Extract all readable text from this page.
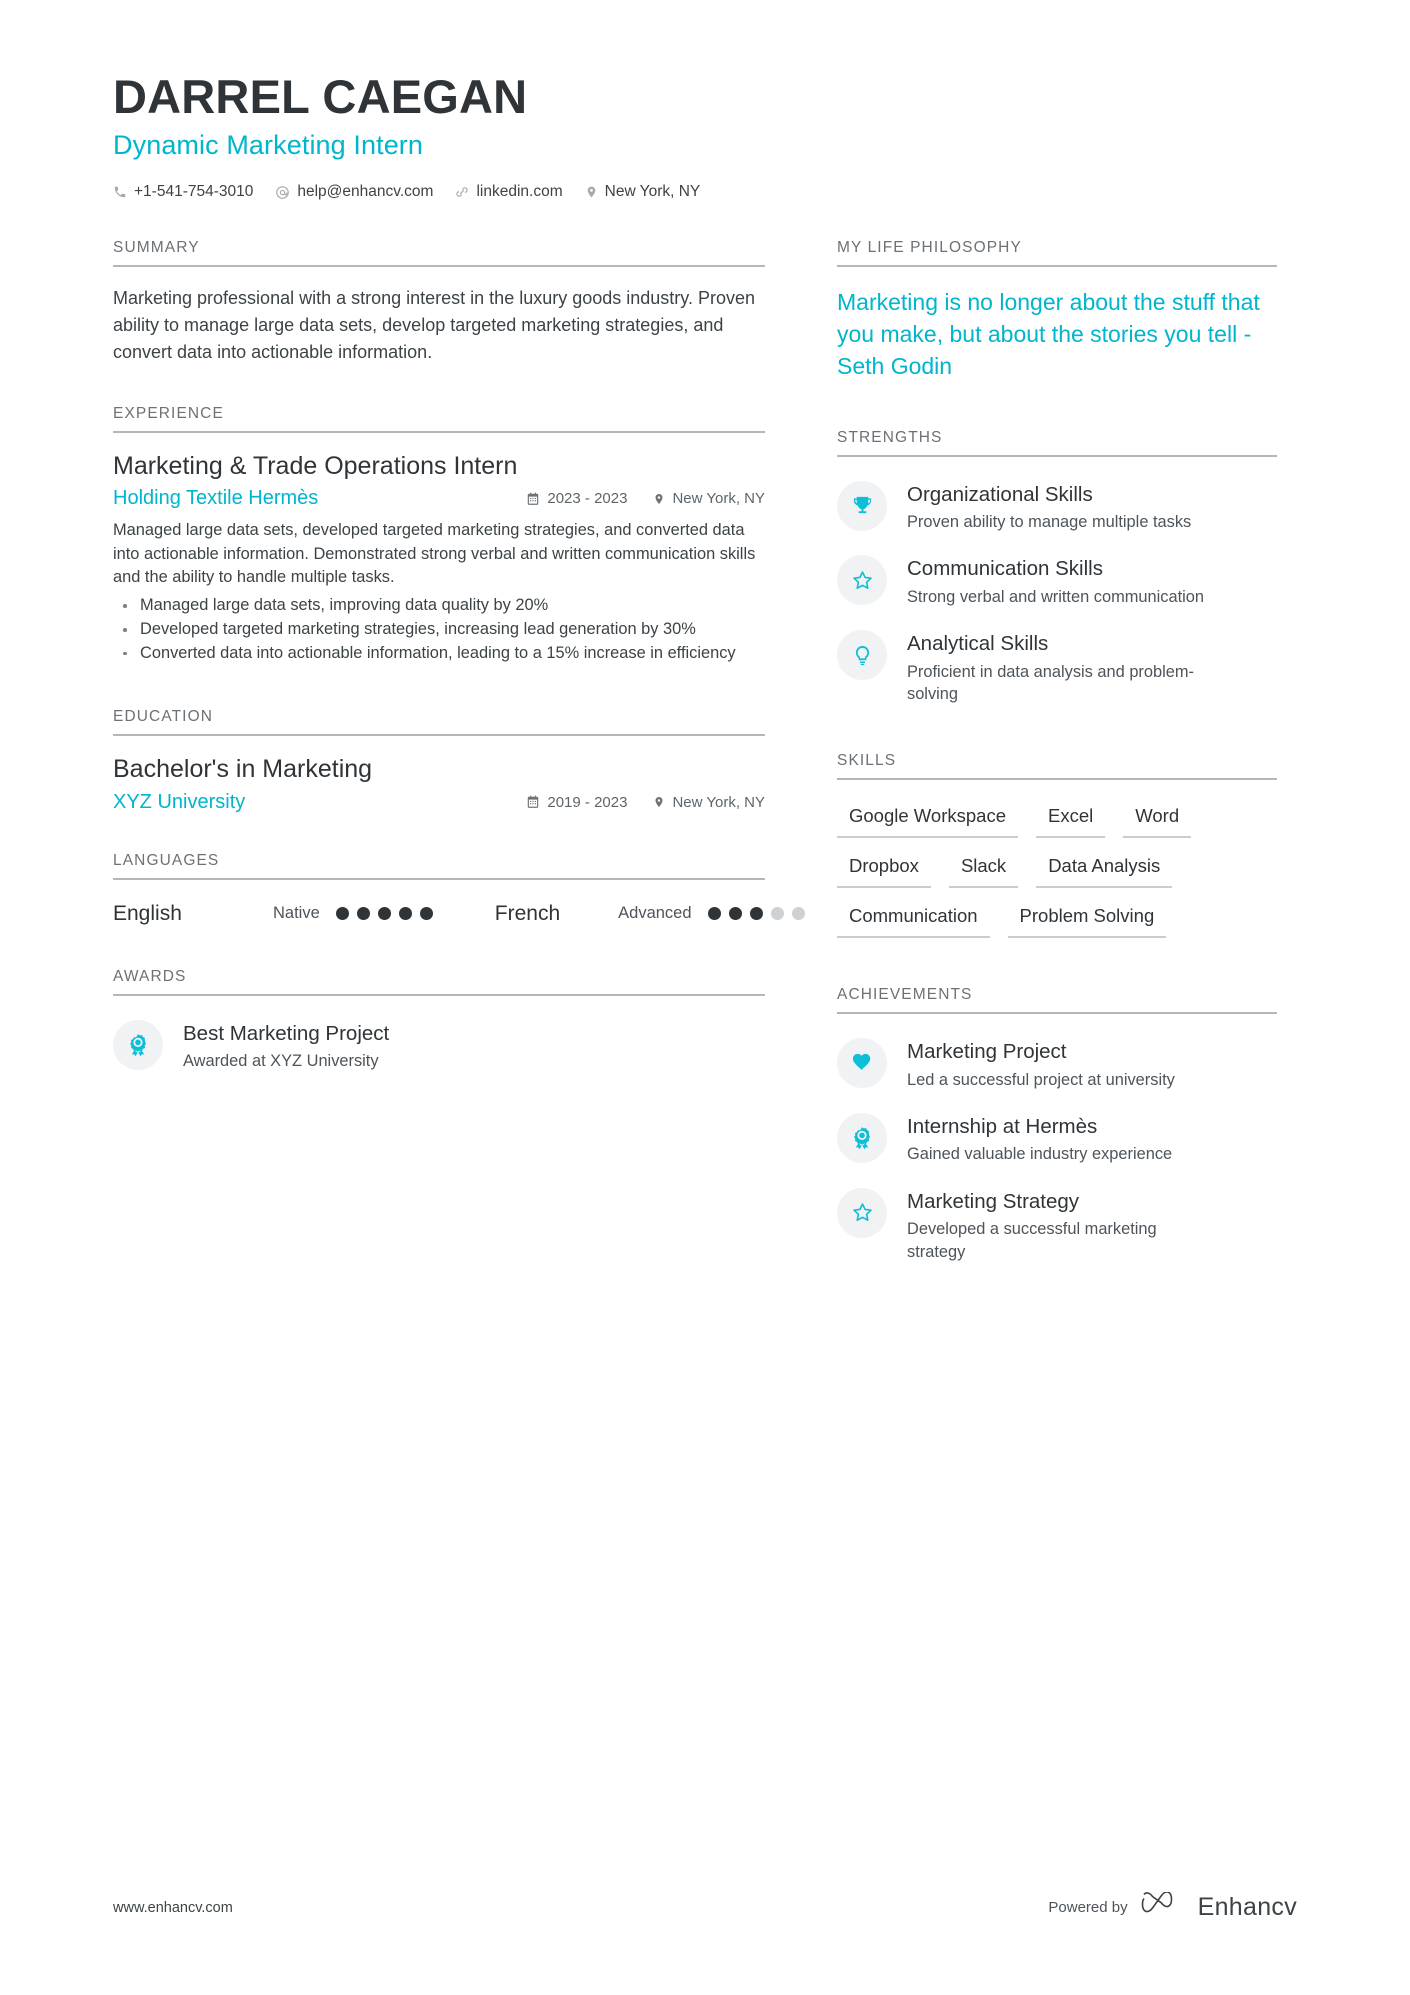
DARREL CAEGAN
Dynamic Marketing Intern
+1-541-754-3010	help@enhancv.com	linkedin.com	New York, NY
SUMMARY
Marketing professional with a strong interest in the luxury goods industry. Proven ability to manage large data sets, develop targeted marketing strategies, and convert data into actionable information.
EXPERIENCE
Marketing & Trade Operations Intern
Holding Textile Hermès	2023 - 2023	New York, NY
Managed large data sets, developed targeted marketing strategies, and converted data into actionable information. Demonstrated strong verbal and written communication skills and the ability to handle multiple tasks.
Managed large data sets, improving data quality by 20%
Developed targeted marketing strategies, increasing lead generation by 30%
Converted data into actionable information, leading to a 15% increase in efficiency
EDUCATION
Bachelor's in Marketing
XYZ University	2019 - 2023	New York, NY
LANGUAGES
English	Native	French	Advanced
AWARDS
Best Marketing Project
Awarded at XYZ University
MY LIFE PHILOSOPHY
Marketing is no longer about the stuff that you make, but about the stories you tell - Seth Godin
STRENGTHS
Organizational Skills
Proven ability to manage multiple tasks
Communication Skills
Strong verbal and written communication
Analytical Skills
Proficient in data analysis and problem-solving
SKILLS
Google Workspace	Excel	Word
Dropbox	Slack	Data Analysis
Communication	Problem Solving
ACHIEVEMENTS
Marketing Project
Led a successful project at university
Internship at Hermès
Gained valuable industry experience
Marketing Strategy
Developed a successful marketing strategy
www.enhancv.com	Powered by	Enhancv
